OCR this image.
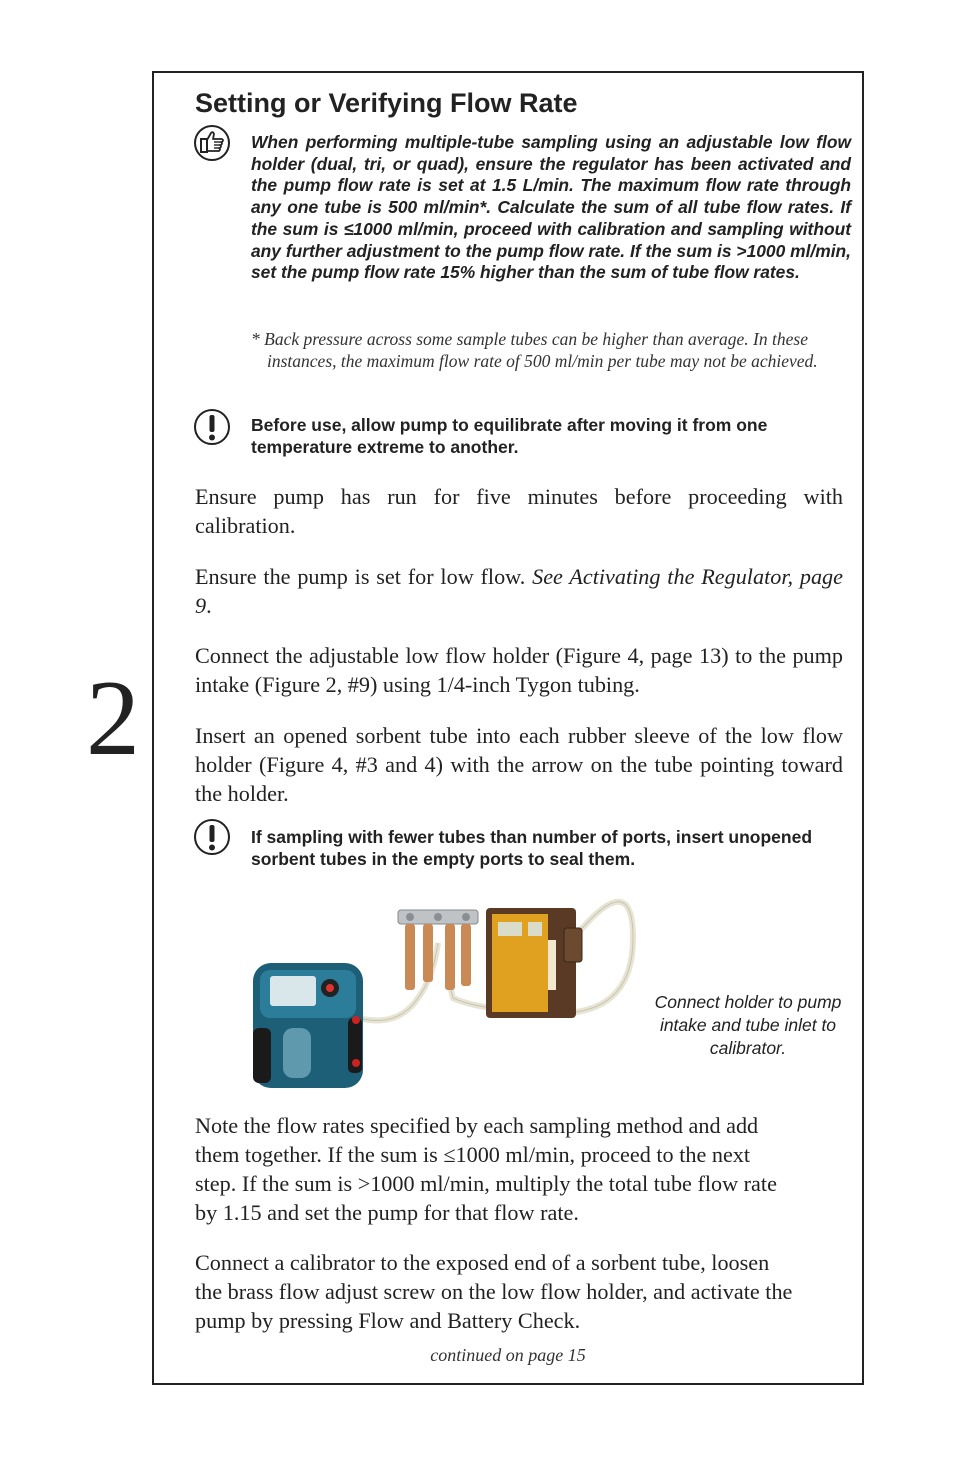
2
Setting or Verifying Flow Rate
When performing multiple-tube sampling using an adjustable low flow holder (dual, tri, or quad), ensure the regulator has been activated and the pump flow rate is set at 1.5 L/min. The maximum flow rate through any one tube is 500 ml/min*. Calculate the sum of all tube flow rates. If the sum is ≤1000 ml/min, proceed with calibration and sampling without any further adjustment to the pump flow rate. If the sum is >1000 ml/min, set the pump flow rate 15% higher than the sum of tube flow rates.
* Back pressure across some sample tubes can be higher than average. In these instances, the maximum flow rate of 500 ml/min per tube may not be achieved.
Before use, allow pump to equilibrate after moving it from one temperature extreme to another.
Ensure pump has run for five minutes before proceeding with calibration.
Ensure the pump is set for low flow. See Activating the Regulator, page 9.
Connect the adjustable low flow holder (Figure 4, page 13) to the pump intake (Figure 2, #9) using 1/4-inch Tygon tubing.
Insert an opened sorbent tube into each rubber sleeve of the low flow holder (Figure 4, #3 and 4) with the arrow on the tube pointing toward the holder.
If sampling with fewer tubes than number of ports, insert unopened sorbent tubes in the empty ports to seal them.
Connect holder to pump intake and tube inlet to calibrator.
Note the flow rates specified by each sampling method and add them together. If the sum is ≤1000 ml/min, proceed to the next step. If the sum is >1000 ml/min, multiply the total tube flow rate by 1.15 and set the pump for that flow rate.
Connect a calibrator to the exposed end of a sorbent tube, loosen the brass flow adjust screw on the low flow holder, and activate the pump by pressing Flow and Battery Check.
continued on page 15
